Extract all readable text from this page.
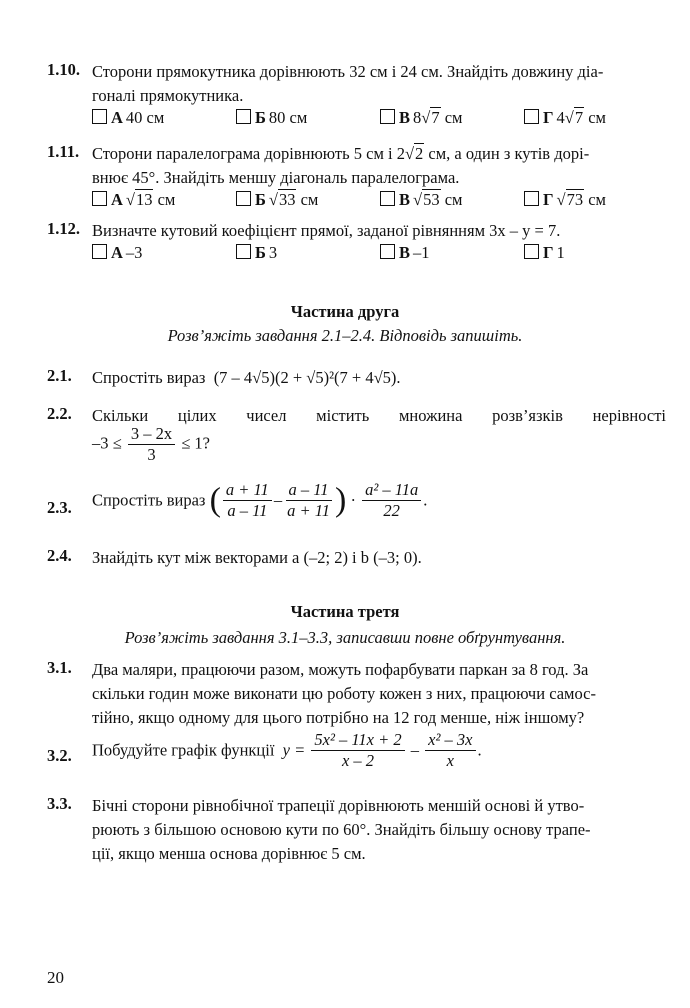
1.10. Сторони прямокутника дорівнюють 32 см і 24 см. Знайдіть довжину діа-
гоналі прямокутника.
А 40 см	Б 80 см	В 8√7 см	Г 4√7 см
1.11. Сторони паралелограма дорівнюють 5 см і 2√2 см, а один з кутів дорі-
внює 45°. Знайдіть меншу діагональ паралелограма.
А √13 см	Б √33 см	В √53 см	Г √73 см
1.12. Визначте кутовий коефіцієнт прямої, заданої рівнянням 3x – y = 7.
А –3	Б 3	В –1	Г 1
Частина друга
Розв’яжіть завдання 2.1–2.4. Відповідь запишіть.
2.1. Спростіть вираз (7 – 4√5)(2 + √5)²(7 + 4√5).
2.2. Скільки цілих чисел містить множина розв’язків нерівності
$-3 \le \frac{3 - 2x}{3} \le 1$?
2.3. Спростіть вираз ( $\frac{a + 11}{a - 11} - \frac{a - 11}{a + 11}$ ) · $\frac{\text{a² – 11a}}{22}$ .
2.4. Знайдіть кут між векторами a (–2; 2) і b (–3; 0).
Частина третя
Розв’яжіть завдання 3.1–3.3, записавши повне обґрунтування.
3.1. Два маляри, працюючи разом, можуть пофарбувати паркан за 8 год. За
скільки годин може виконати цю роботу кожен з них, працюючи самос-
тійно, якщо одному для цього потрібно на 12 год менше, ніж іншому?
3.2. Побудуйте графік функції $y = \frac{\text{5x² – 11x + 2}}{x - 2} - \frac{\text{x² – 3x}}{x}$ .
3.3. Бічні сторони рівнобічної трапеції дорівнюють меншій основі й утво-
рюють з більшою основою кути по 60°. Знайдіть більшу основу трапе-
ції, якщо менша основа дорівнює 5 см.
20
